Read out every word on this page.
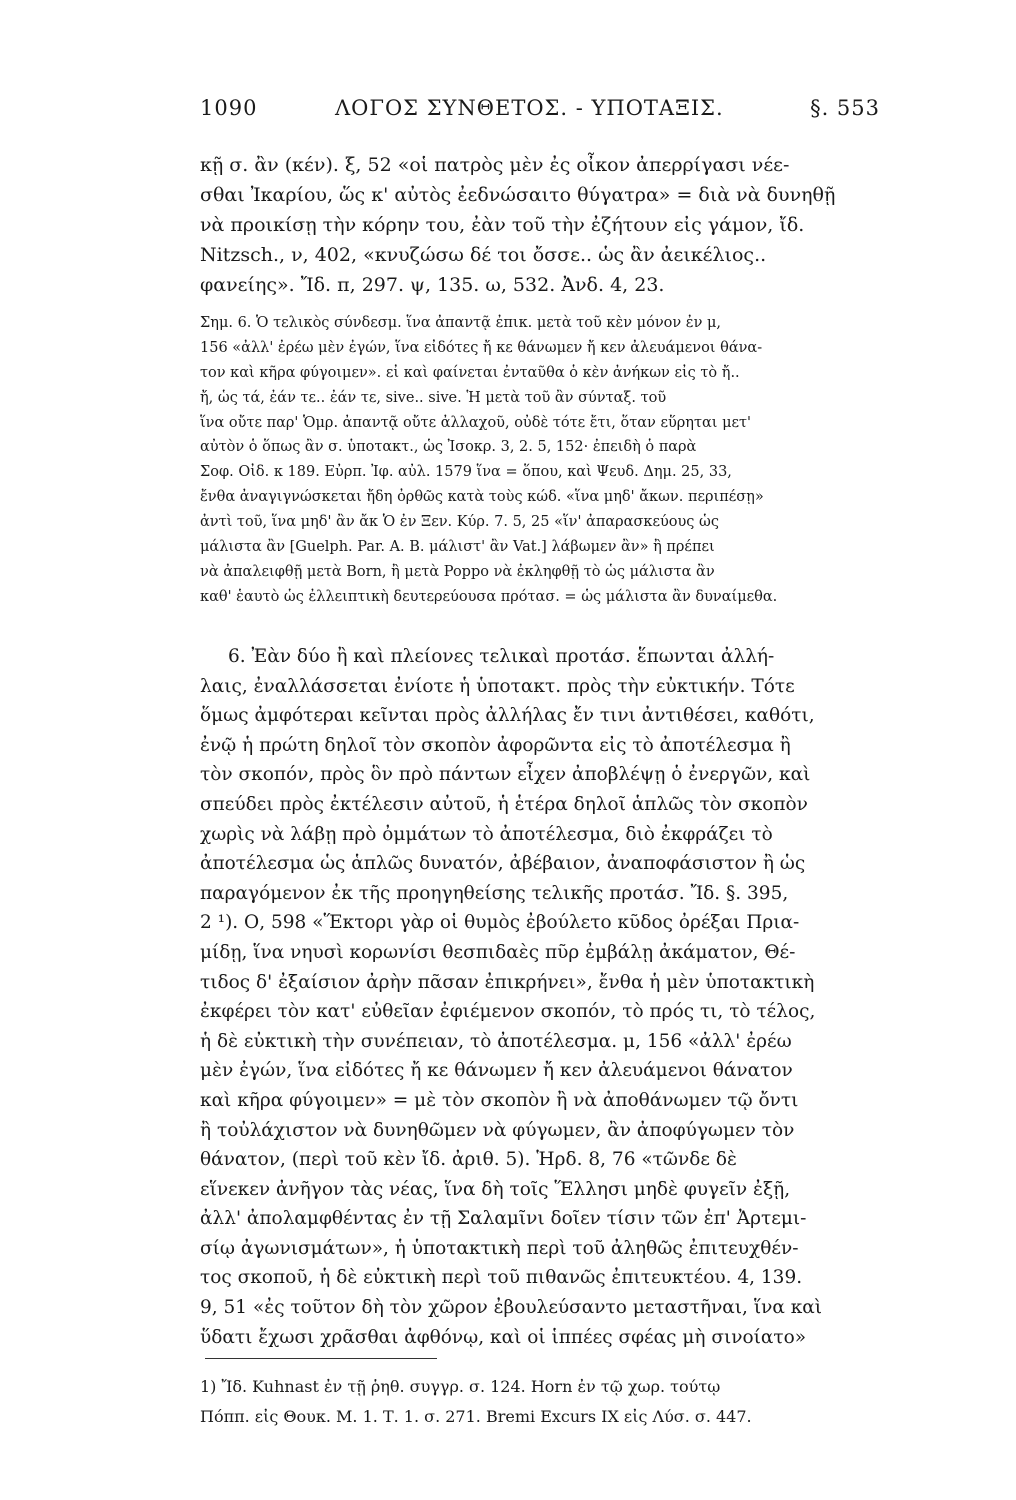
1090	ΛΟΓΟΣ ΣΥΝΘΕΤΟΣ. - ΥΠΟΤΑΞΙΣ.	§. 553
κῇ σ. ἂν (κέν). ξ, 52 «οἱ πατρὸς μὲν ἐς οἶκον ἀπερρίγασι νέε-
σθαι Ἰκαρίου, ὥς κ' αὐτὸς ἐεδνώσαιτο θύγατρα» = διὰ νὰ δυνηθῇ
νὰ προικίσῃ τὴν κόρην του, ἐὰν τοῦ τὴν ἐζήτουν εἰς γάμον, ἴδ.
Nitzsch., ν, 402, «κνυζώσω δέ τοι ὄσσε.. ὡς ἂν ἀεικέλιος..
φανείης». Ἴδ. π, 297. ψ, 135. ω, 532. Ἀνδ. 4, 23.
Σημ. 6. Ὁ τελικὸς σύνδεσμ. ἵνα ἀπαντᾷ ἐπικ. μετὰ τοῦ κὲν μόνον ἐν μ,
156 «ἀλλ' ἐρέω μὲν ἐγών, ἵνα εἰδότες ἤ κε θάνωμεν ἤ κεν ἀλευάμενοι θάνα-
τον καὶ κῆρα φύγοιμεν». εἰ καὶ φαίνεται ἐνταῦθα ὁ κὲν ἀνήκων εἰς τὸ ἤ..
ἤ, ὡς τά, ἐάν τε.. ἐάν τε, sive.. sive. Ἡ μετὰ τοῦ ἂν σύνταξ. τοῦ
ἵνα οὔτε παρ' Ὁμρ. ἀπαντᾷ οὔτε ἀλλαχοῦ, οὐδὲ τότε ἔτι, ὅταν εὕρηται μετ'
αὐτὸν ὁ ὅπως ἂν σ. ὑποτακτ., ὡς Ἰσοκρ. 3, 2. 5, 152· ἐπειδὴ ὁ παρὰ
Σοφ. Οἰδ. κ 189. Εὐρπ. Ἰφ. αὐλ. 1579 ἵνα = ὅπου, καὶ Ψευδ. Δημ. 25, 33,
ἔνθα ἀναγιγνώσκεται ἤδη ὀρθῶς κατὰ τοὺς κώδ. «ἵνα μηδ' ἄκων. περιπέσῃ»
ἀντὶ τοῦ, ἵνα μηδ' ἂν ἄκ Ὁ ἐν Ξεν. Κύρ. 7. 5, 25 «ἵν' ἀπαρασκεύους ὡς
μάλιστα ἂν [Guelph. Par. A. B. μάλιστ' ἂν Vat.] λάβωμεν ἂν» ἢ πρέπει
νὰ ἀπαλειφθῇ μετὰ Born, ἢ μετὰ Poppo νὰ ἐκληφθῇ τὸ ὡς μάλιστα ἂν
καθ' ἑαυτὸ ὡς ἐλλειπτικὴ δευτερεύουσα πρότασ. = ὡς μάλιστα ἂν δυναίμεθα.
6. Ἐὰν δύο ἢ καὶ πλείονες τελικαὶ προτάσ. ἕπωνται ἀλλή-
λαις, ἐναλλάσσεται ἐνίοτε ἡ ὑποτακτ. πρὸς τὴν εὐκτικήν. Τότε
ὅμως ἀμφότεραι κεῖνται πρὸς ἀλλήλας ἔν τινι ἀντιθέσει, καθότι,
ἐνῷ ἡ πρώτη δηλοῖ τὸν σκοπὸν ἀφορῶντα εἰς τὸ ἀποτέλεσμα ἢ
τὸν σκοπόν, πρὸς ὃν πρὸ πάντων εἶχεν ἀποβλέψῃ ὁ ἐνεργῶν, καὶ
σπεύδει πρὸς ἐκτέλεσιν αὐτοῦ, ἡ ἑτέρα δηλοῖ ἁπλῶς τὸν σκοπὸν
χωρὶς νὰ λάβῃ πρὸ ὀμμάτων τὸ ἀποτέλεσμα, διὸ ἐκφράζει τὸ
ἀποτέλεσμα ὡς ἁπλῶς δυνατόν, ἀβέβαιον, ἀναποφάσιστον ἢ ὡς
παραγόμενον ἐκ τῆς προηγηθείσης τελικῆς προτάσ. Ἴδ. §. 395,
2 ¹). Ο, 598 «Ἕκτορι γὰρ οἱ θυμὸς ἐβούλετο κῦδος ὀρέξαι Πρια-
μίδῃ, ἵνα νηυσὶ κορωνίσι θεσπιδαὲς πῦρ ἐμβάλῃ ἀκάματον, Θέ-
τιδος δ' ἐξαίσιον ἀρὴν πᾶσαν ἐπικρήνει», ἔνθα ἡ μὲν ὑποτακτικὴ
ἐκφέρει τὸν κατ' εὐθεῖαν ἐφιέμενον σκοπόν, τὸ πρός τι, τὸ τέλος,
ἡ δὲ εὐκτικὴ τὴν συνέπειαν, τὸ ἀποτέλεσμα. μ, 156 «ἀλλ' ἐρέω
μὲν ἐγών, ἵνα εἰδότες ἤ κε θάνωμεν ἤ κεν ἀλευάμενοι θάνατον
καὶ κῆρα φύγοιμεν» = μὲ τὸν σκοπὸν ἢ νὰ ἀποθάνωμεν τῷ ὄντι
ἢ τοὐλάχιστον νὰ δυνηθῶμεν νὰ φύγωμεν, ἂν ἀποφύγωμεν τὸν
θάνατον, (περὶ τοῦ κὲν ἴδ. ἀριθ. 5). Ἡρδ. 8, 76 «τῶνδε δὲ
εἵνεκεν ἀνῆγον τὰς νέας, ἵνα δὴ τοῖς Ἕλλησι μηδὲ φυγεῖν ἐξῇ,
ἀλλ' ἀπολαμφθέντας ἐν τῇ Σαλαμῖνι δοῖεν τίσιν τῶν ἐπ' Ἀρτεμι-
σίῳ ἀγωνισμάτων», ἡ ὑποτακτικὴ περὶ τοῦ ἀληθῶς ἐπιτευχθέν-
τος σκοποῦ, ἡ δὲ εὐκτικὴ περὶ τοῦ πιθανῶς ἐπιτευκτέου. 4, 139.
9, 51 «ἐς τοῦτον δὴ τὸν χῶρον ἐβουλεύσαντο μεταστῆναι, ἵνα καὶ
ὕδατι ἔχωσι χρᾶσθαι ἀφθόνῳ, καὶ οἱ ἱππέες σφέας μὴ σινοίατο»
1) Ἴδ. Kuhnast ἐν τῇ ῥηθ. συγγρ. σ. 124. Horn ἐν τῷ χωρ. τούτῳ
Πόππ. εἰς Θουκ. Μ. 1. Τ. 1. σ. 271. Bremi Excurs IX εἰς Λύσ. σ. 447.
